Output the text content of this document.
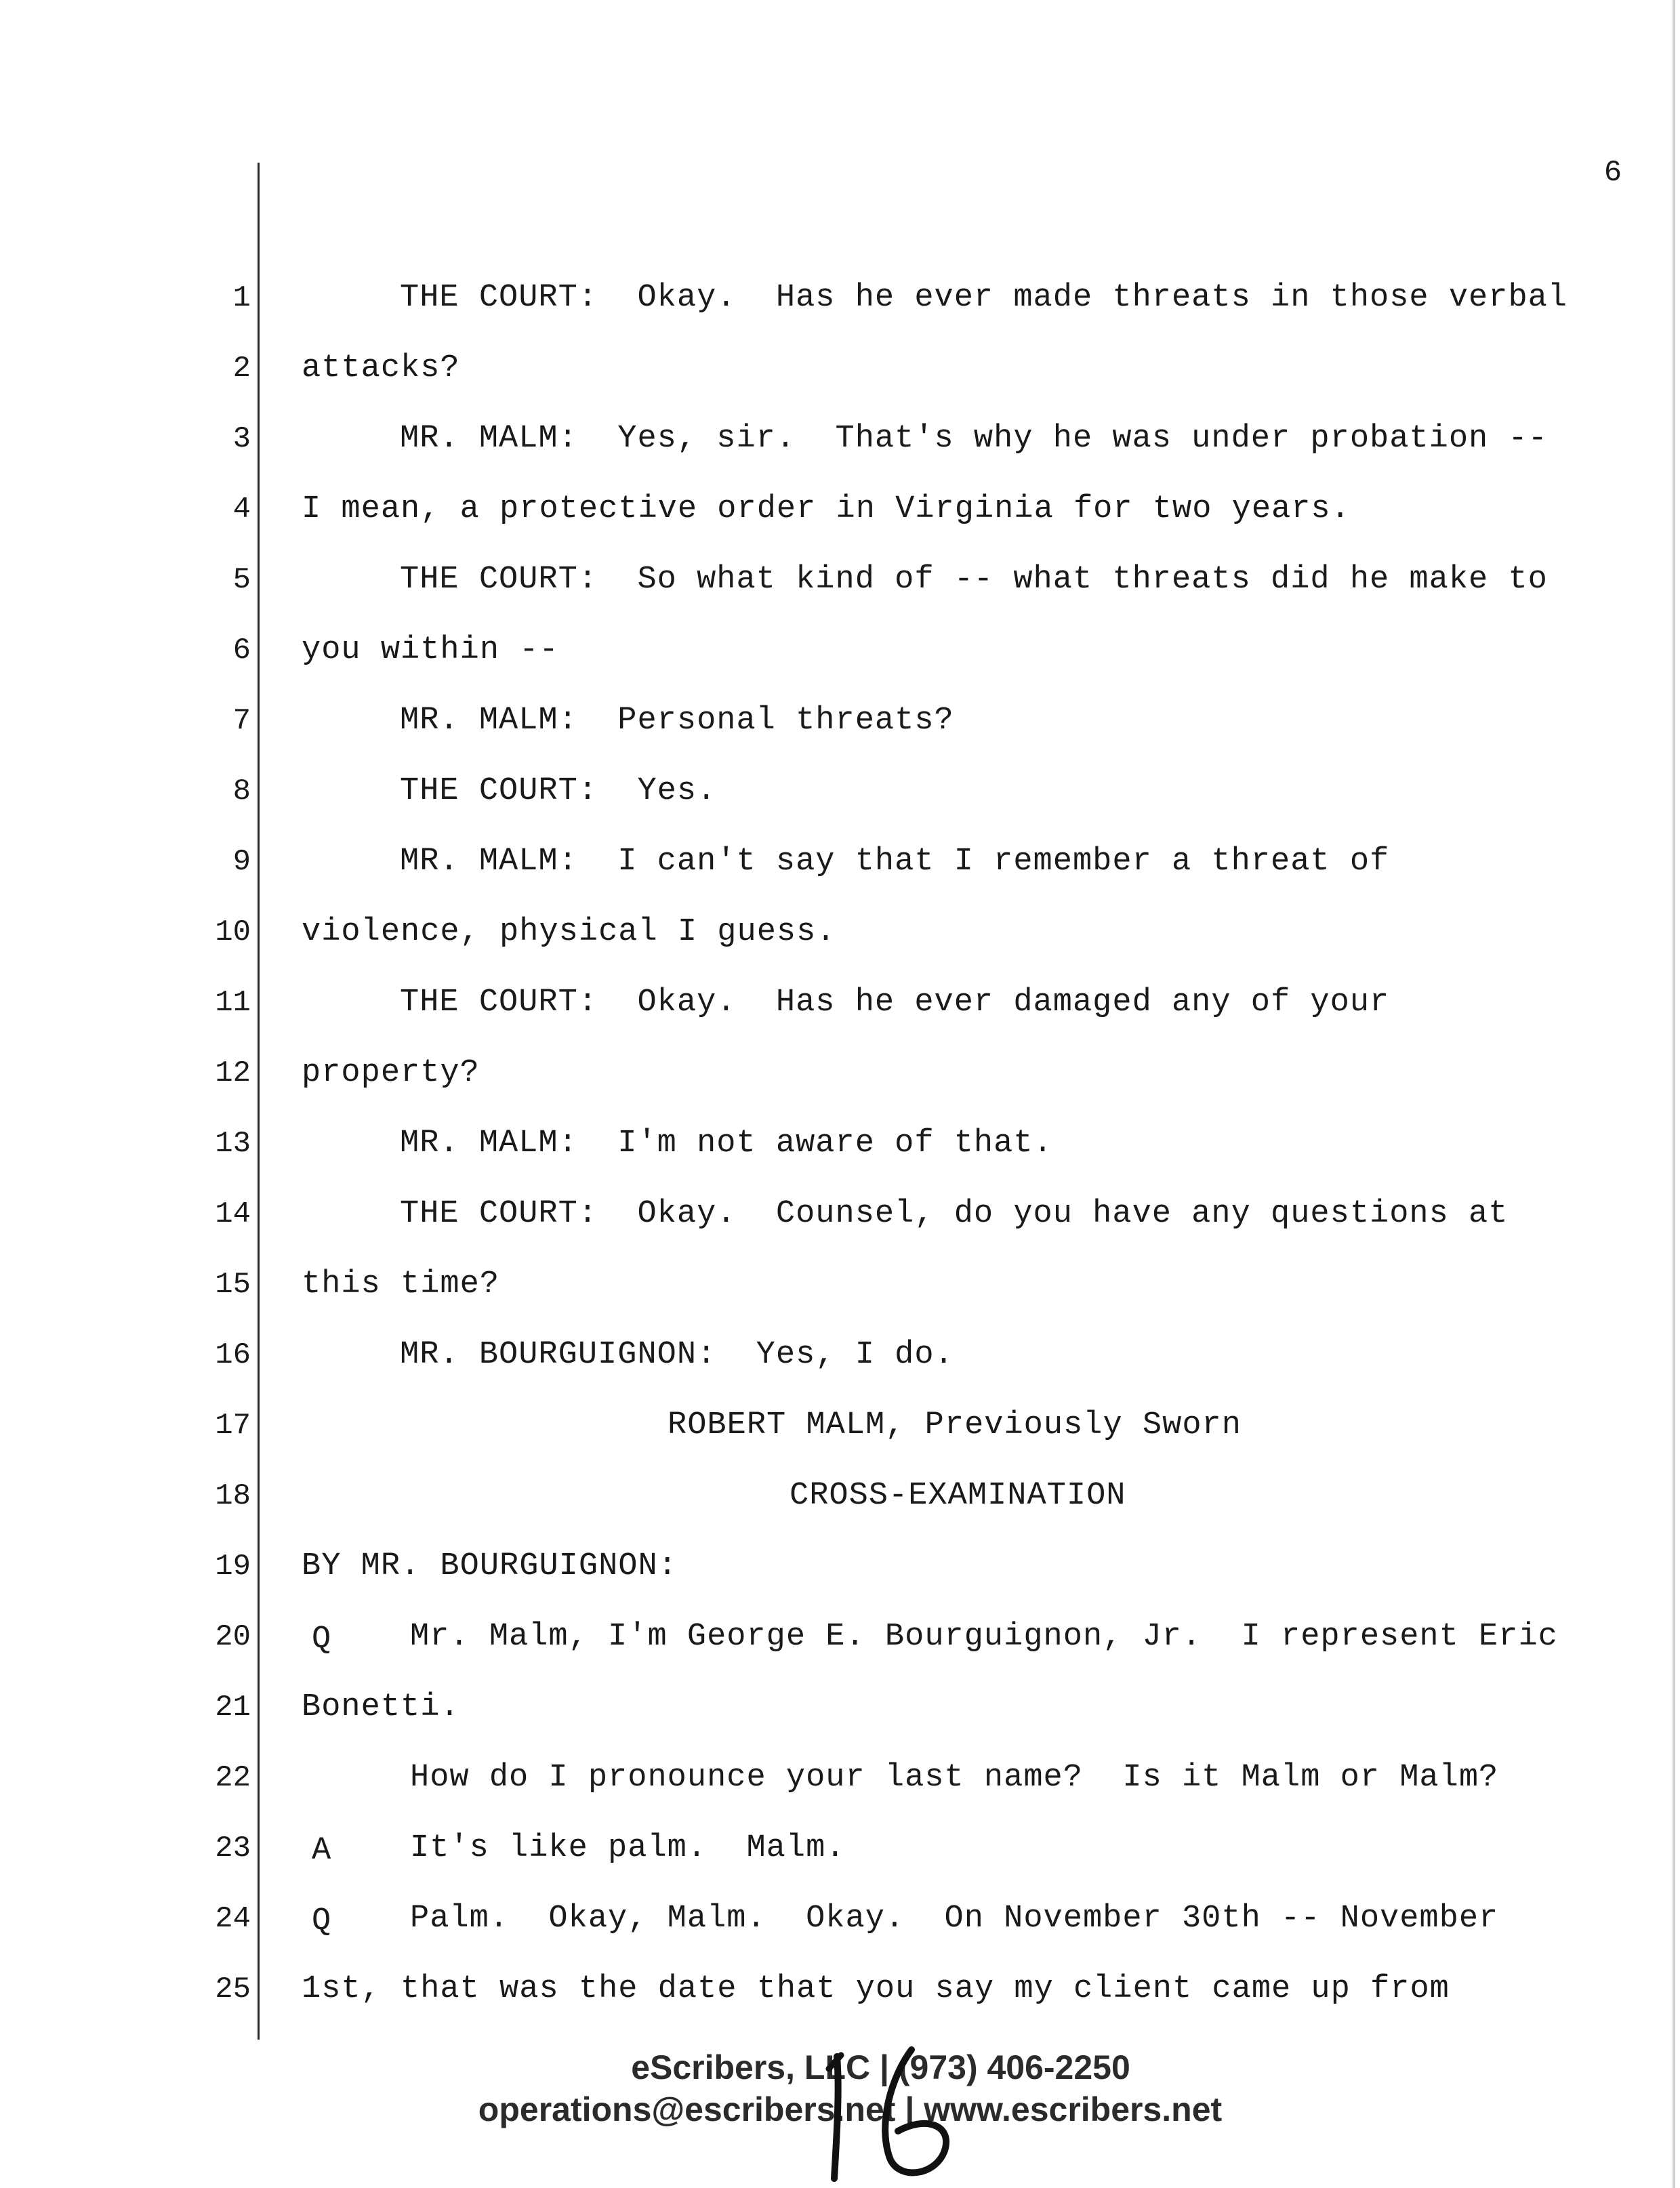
6
1	THE COURT:  Okay.  Has he ever made threats in those verbal
2 attacks?
3	MR. MALM:  Yes, sir.  That's why he was under probation --
4 I mean, a protective order in Virginia for two years.
5	THE COURT:  So what kind of -- what threats did he make to
6 you within --
7	MR. MALM:  Personal threats?
8	THE COURT:  Yes.
9	MR. MALM:  I can't say that I remember a threat of
10 violence, physical I guess.
11	THE COURT:  Okay.  Has he ever damaged any of your
12 property?
13	MR. MALM:  I'm not aware of that.
14	THE COURT:  Okay.  Counsel, do you have any questions at
15 this time?
16	MR. BOURGUIGNON:  Yes, I do.
17	ROBERT MALM, Previously Sworn
18	CROSS-EXAMINATION
19 BY MR. BOURGUIGNON:
20 Q	Mr. Malm, I'm George E. Bourguignon, Jr.  I represent Eric
21 Bonetti.
22	How do I pronounce your last name?  Is it Malm or Malm?
23 A	It's like palm.  Malm.
24 Q	Palm.  Okay, Malm.  Okay.  On November 30th -- November
25 1st, that was the date that you say my client came up from
eScribers, LLC | (973) 406-2250
operations@escribers.net | www.escribers.net
